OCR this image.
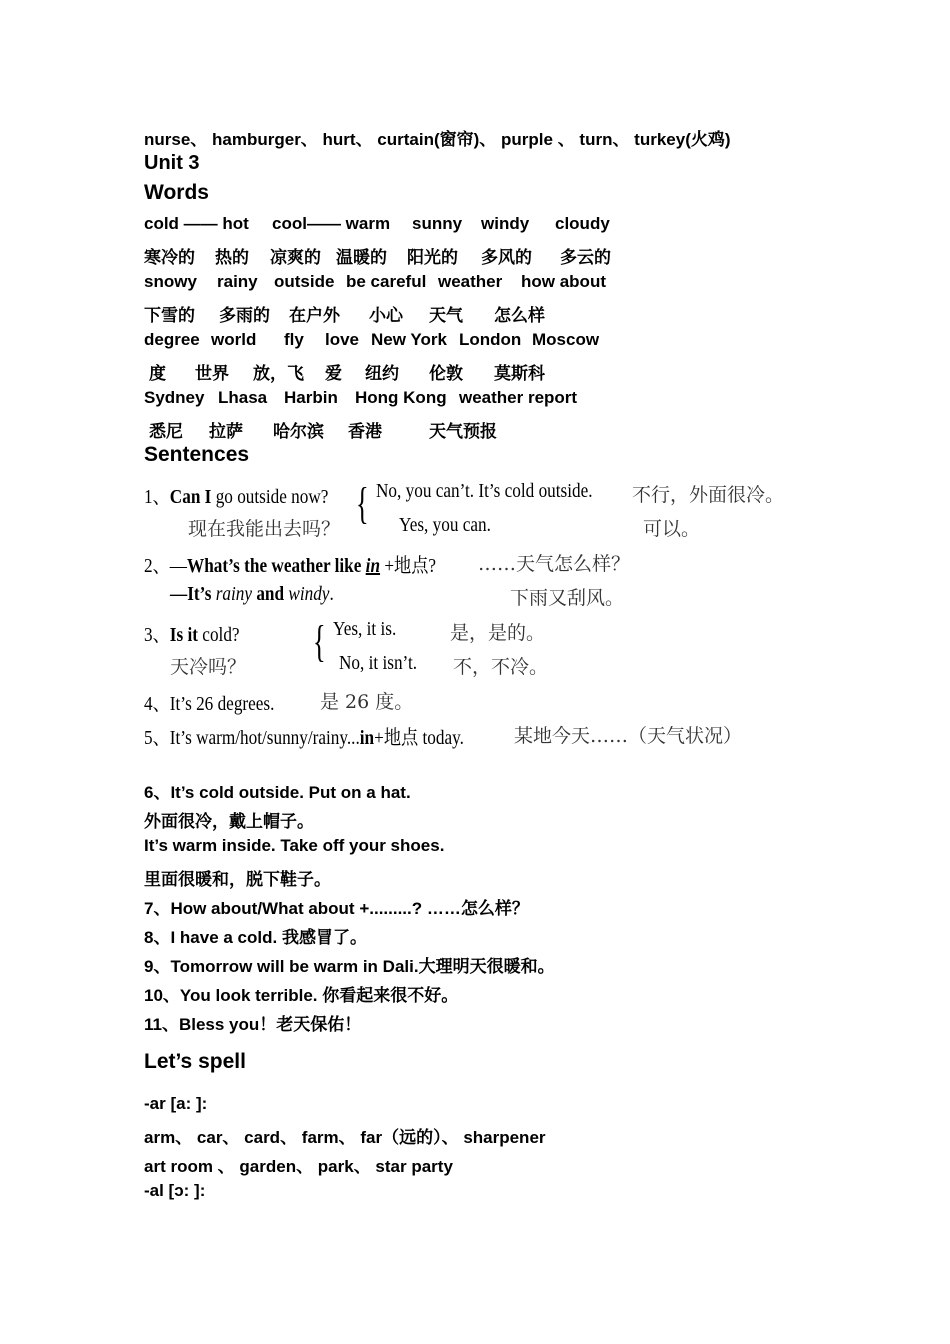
nurse、 hamburger、 hurt、 curtain(窗帘)、 purple 、 turn、 turkey(火鸡)
Unit 3
Words
cold —— hot cool—— warm sunny windy cloudy
寒冷的 热的 凉爽的 温暖的 阳光的 多风的 多云的
snowy rainy outside be careful weather how about
下雪的 多雨的 在户外 小心 天气 怎么样
degree world fly love New York London Moscow
度 世界 放，飞 爱 纽约 伦敦 莫斯科
Sydney Lhasa Harbin Hong Kong weather report
悉尼 拉萨 哈尔滨 香港	天气预报
Sentences
1、Can I go outside now?
现在我能出去吗？
{ No, you can’t. It’s cold outside. 不行，外面很冷。
Yes, you can.	可以。
2、—What’s the weather like in +地点? ……天气怎么样？
—It’s rainy and windy.	下雨又刮风。
3、Is it cold?
天冷吗？
{ Yes, it is.	是，是的。
No, it isn’t. 不，不冷。
4、It’s 26 degrees. 是 26 度。
5、It’s warm/hot/sunny/rainy...in+地点 today.	某地今天……（天气状况）
6、It’s cold outside. Put on a hat.
外面很冷，戴上帽子。
It’s warm inside. Take off your shoes.
里面很暖和，脱下鞋子。
7、How about/What about +.........? ……怎么样？
8、I have a cold. 我感冒了。
9、Tomorrow will be warm in Dali.大理明天很暖和。
10、You look terrible. 你看起来很不好。
11、Bless you！老天保佑！
Let’s spell
-ar [a: ]:
arm、 car、 card、 farm、 far（远的）、 sharpener
art room 、 garden、 park、 star party
-al [ɔ: ]:
